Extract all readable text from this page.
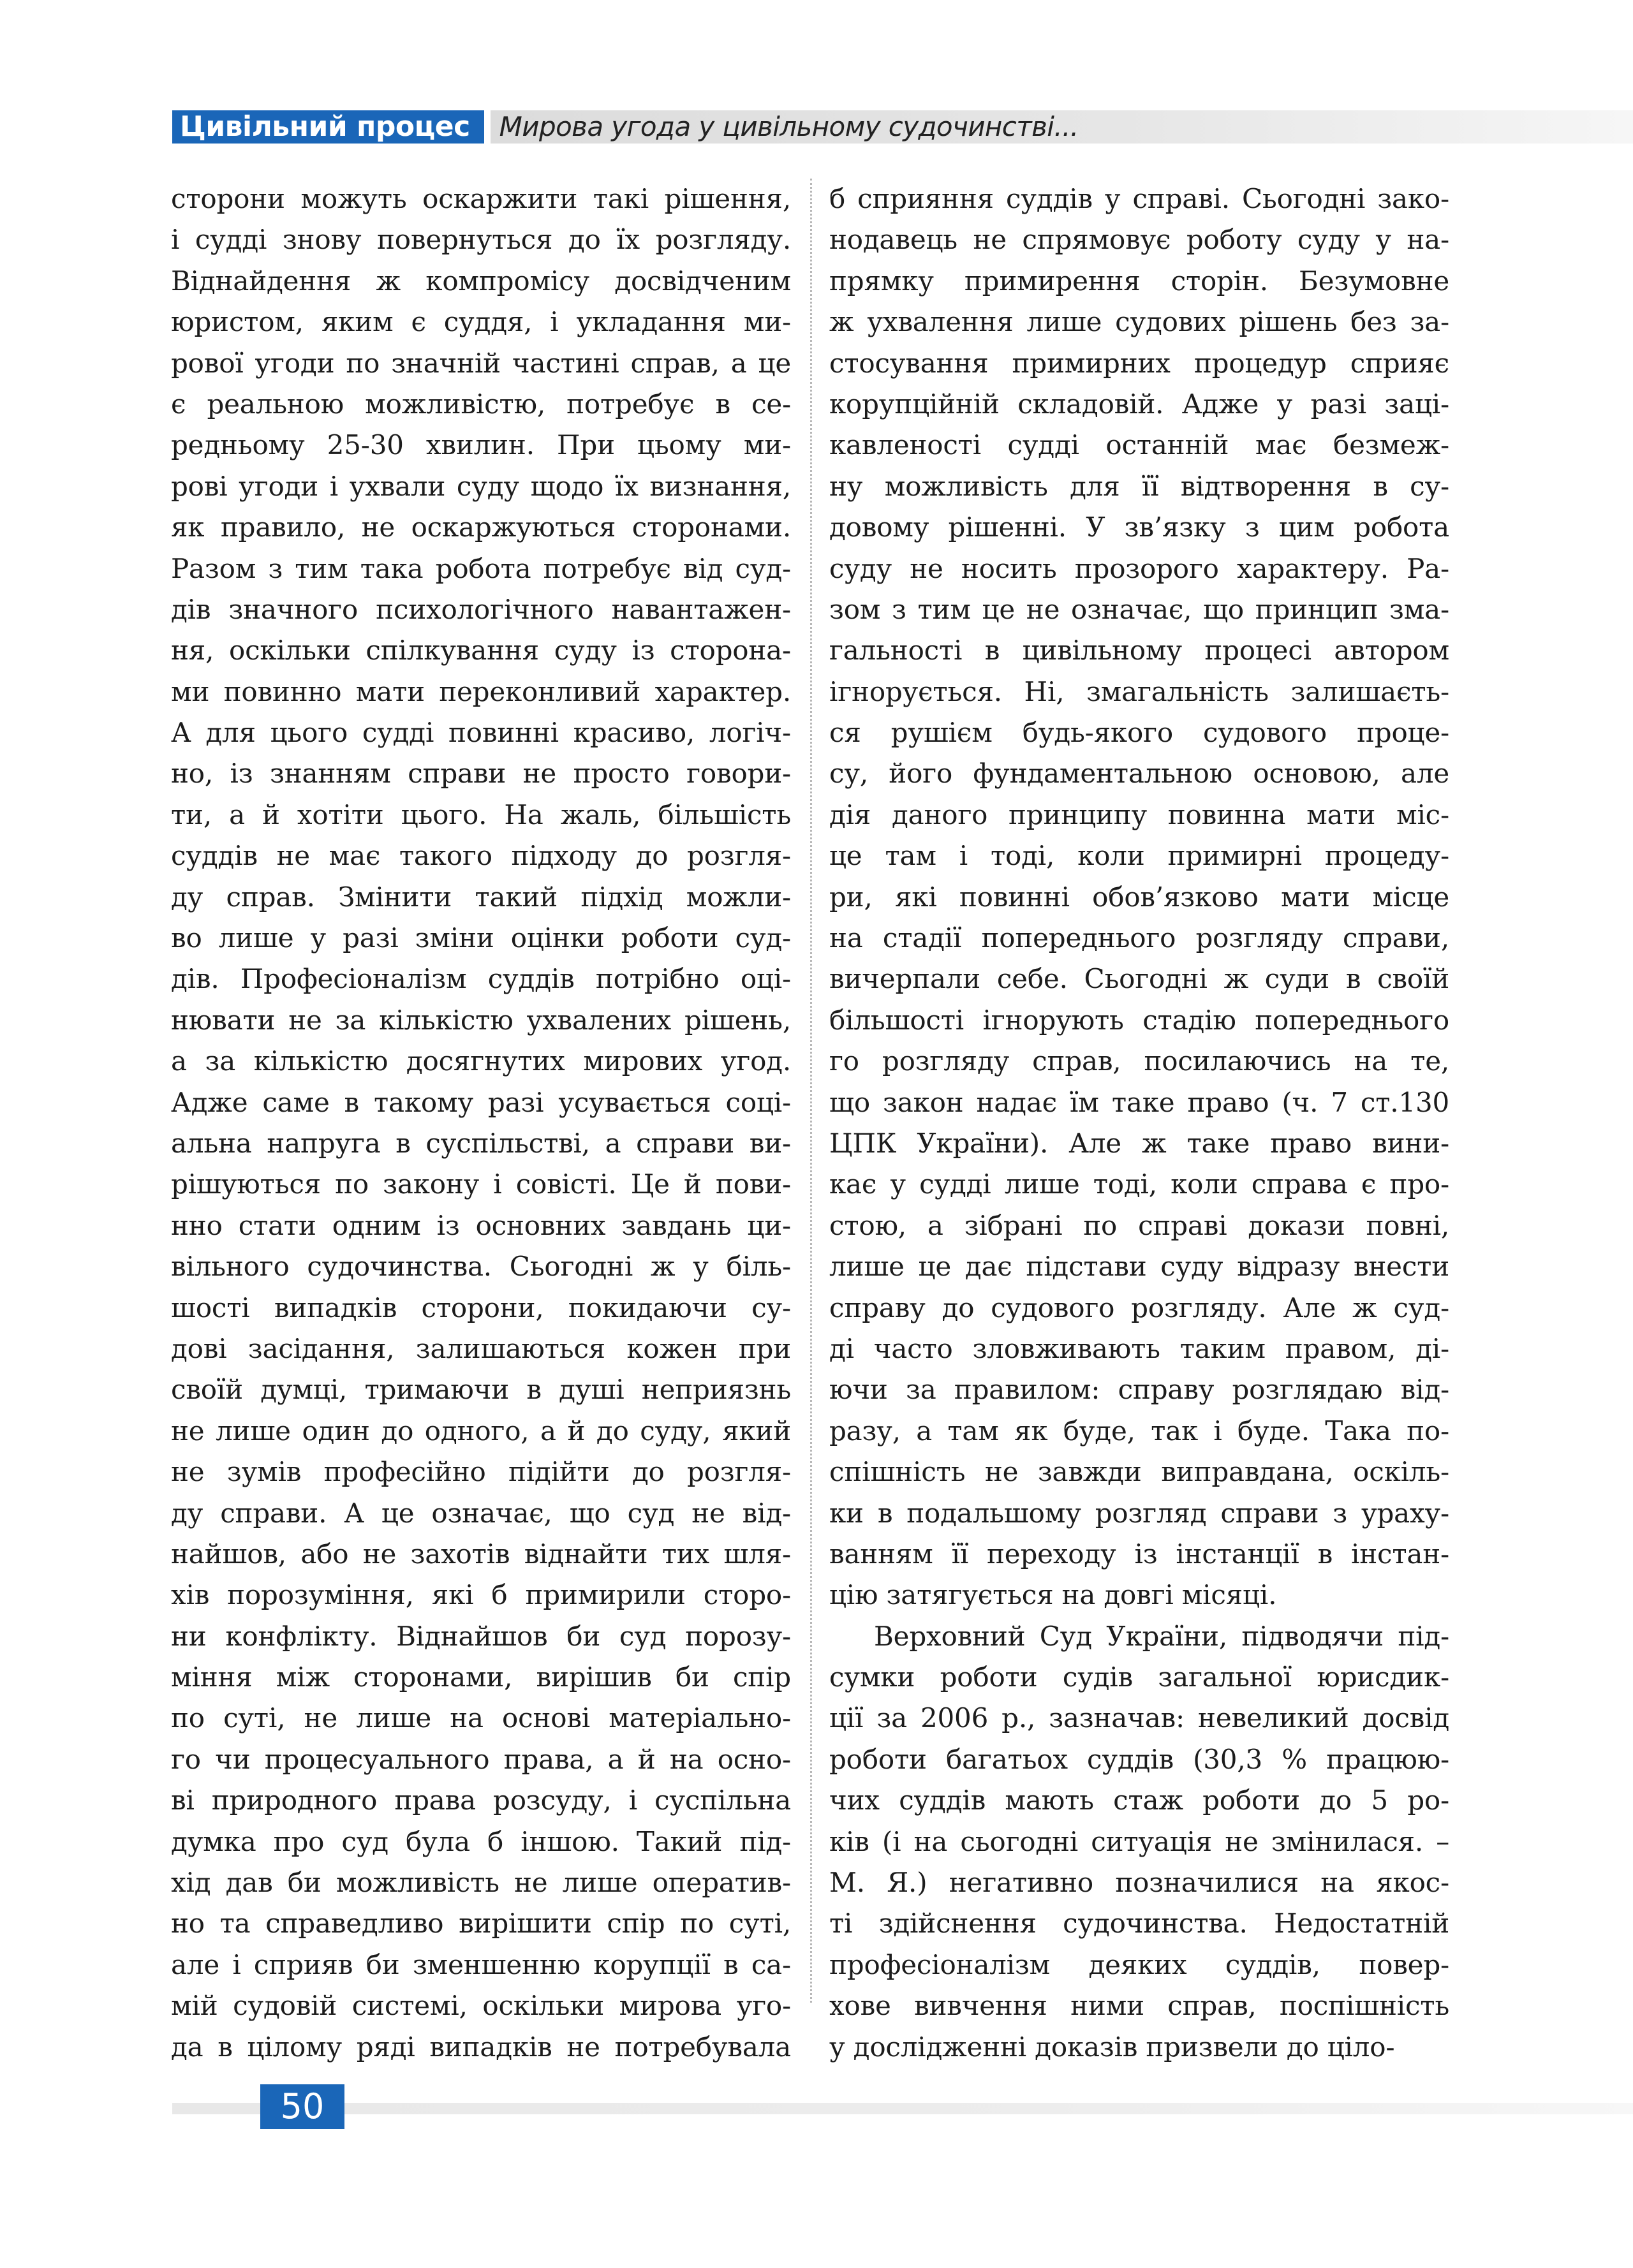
Цивільний процес	Мирова угода у цивільному судочинстві...
сторони можуть оскаржити такі рішення,
і судді знову повернуться до їх розгляду.
Віднайдення ж компромісу досвідченим
юристом, яким є суддя, і укладання ми-
рової угоди по значній частині справ, а це
є реальною можливістю, потребує в се-
редньому 25-30 хвилин. При цьому ми-
рові угоди і ухвали суду щодо їх визнання,
як правило, не оскаржуються сторонами.
Разом з тим така робота потребує від суд-
дів значного психологічного навантажен-
ня, оскільки спілкування суду із сторона-
ми повинно мати переконливий характер.
А для цього судді повинні красиво, логіч-
но, із знанням справи не просто говори-
ти, а й хотіти цього. На жаль, більшість
суддів не має такого підходу до розгля-
ду справ. Змінити такий підхід можли-
во лише у разі зміни оцінки роботи суд-
дів. Професіоналізм суддів потрібно оці-
нювати не за кількістю ухвалених рішень,
а за кількістю досягнутих мирових угод.
Адже саме в такому разі усувається соці-
альна напруга в суспільстві, а справи ви-
рішуються по закону і совісті. Це й пови-
нно стати одним із основних завдань ци-
вільного судочинства. Сьогодні ж у біль-
шості випадків сторони, покидаючи су-
дові засідання, залишаються кожен при
своїй думці, тримаючи в душі неприязнь
не лише один до одного, а й до суду, який
не зумів професійно підійти до розгля-
ду справи. А це означає, що суд не від-
найшов, або не захотів віднайти тих шля-
хів порозуміння, які б примирили сторо-
ни конфлікту. Віднайшов би суд порозу-
міння між сторонами, вирішив би спір
по суті, не лише на основі матеріально-
го чи процесуального права, а й на осно-
ві природного права розсуду, і суспільна
думка про суд була б іншою. Такий під-
хід дав би можливість не лише оператив-
но та справедливо вирішити спір по суті,
але і сприяв би зменшенню корупції в са-
мій судовій системі, оскільки мирова уго-
да в цілому ряді випадків не потребувала
б сприяння суддів у справі. Сьогодні зако-
нодавець не спрямовує роботу суду у на-
прямку примирення сторін. Безумовне
ж ухвалення лише судових рішень без за-
стосування примирних процедур сприяє
корупційній складовій. Адже у разі заці-
кавленості судді останній має безмеж-
ну можливість для її відтворення в су-
довому рішенні. У зв’язку з цим робота
суду не носить прозорого характеру. Ра-
зом з тим це не означає, що принцип зма-
гальності в цивільному процесі автором
ігнорується. Ні, змагальність залишаєть-
ся рушієм будь-якого судового проце-
су, його фундаментальною основою, але
дія даного принципу повинна мати міс-
це там і тоді, коли примирні процеду-
ри, які повинні обов’язково мати місце
на стадії попереднього розгляду справи,
вичерпали себе. Сьогодні ж суди в своїй
більшості ігнорують стадію попереднього
го розгляду справ, посилаючись на те,
що закон надає їм таке право (ч. 7 ст.130
ЦПК України). Але ж таке право вини-
кає у судді лише тоді, коли справа є про-
стою, а зібрані по справі докази повні,
лише це дає підстави суду відразу внести
справу до судового розгляду. Але ж суд-
ді часто зловживають таким правом, ді-
ючи за правилом: справу розглядаю від-
разу, а там як буде, так і буде. Така по-
спішність не завжди виправдана, оскіль-
ки в подальшому розгляд справи з ураху-
ванням її переходу із інстанції в інстан-
цію затягується на довгі місяці.
Верховний Суд України, підводячи під-
сумки роботи судів загальної юрисдик-
ції за 2006 р., зазначав: невеликий досвід
роботи багатьох суддів (30,3 % працюю-
чих суддів мають стаж роботи до 5 ро-
ків (і на сьогодні ситуація не змінилася. –
М. Я.) негативно позначилися на якос-
ті здійснення судочинства. Недостатній
професіоналізм деяких суддів, повер-
хове вивчення ними справ, поспішність
у дослідженні доказів призвели до ціло-
50
